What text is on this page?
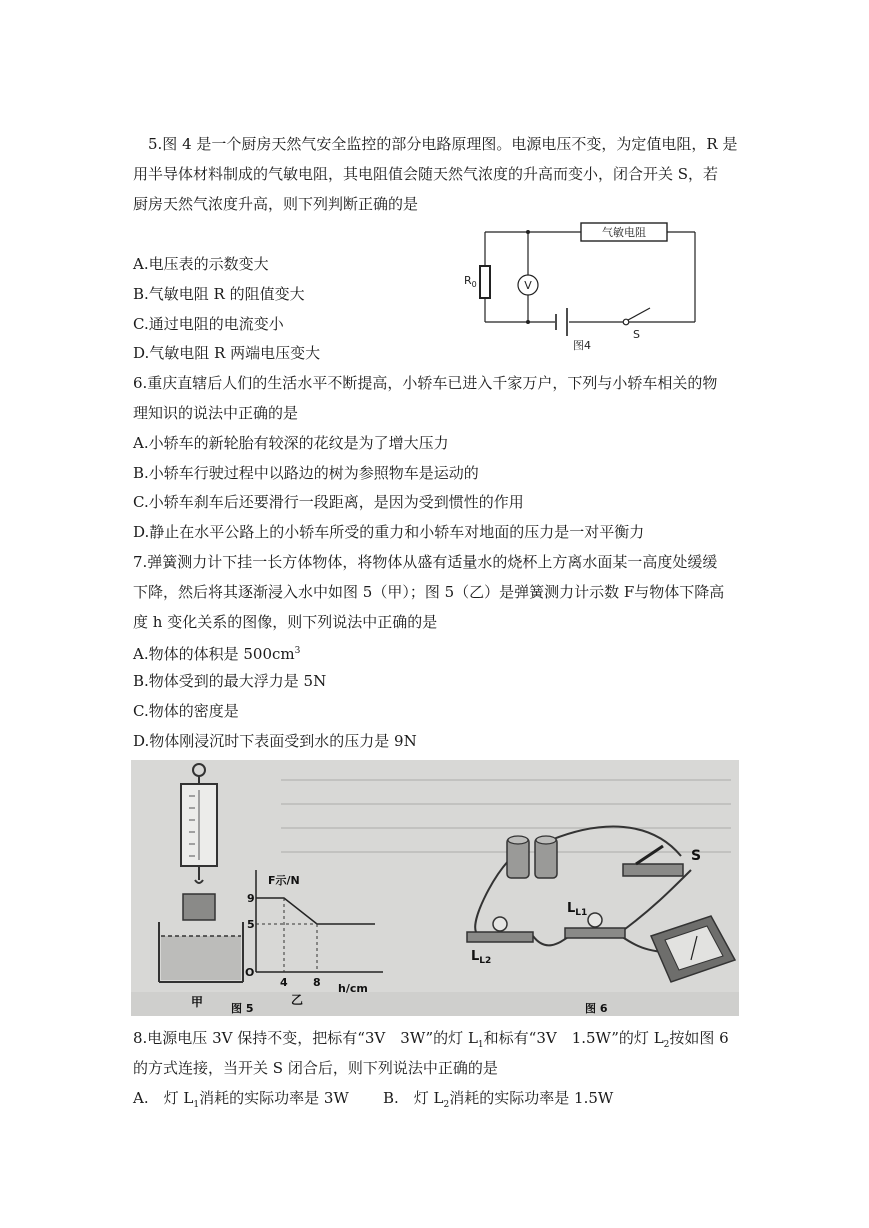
5.图 4 是一个厨房天然气安全监控的部分电路原理图。电源电压不变，为定值电阻，R 是
用半导体材料制成的气敏电阻，其电阻值会随天然气浓度的升高而变小，闭合开关 S，若
厨房天然气浓度升高，则下列判断正确的是
A.电压表的示数变大
B.气敏电阻 R 的阻值变大
C.通过电阻的电流变小
D.气敏电阻 R 两端电压变大
气敏电阻
$R_0$	V
S
图4
6.重庆直辖后人们的生活水平不断提高，小轿车已进入千家万户，下列与小轿车相关的物
理知识的说法中正确的是
A.小轿车的新轮胎有较深的花纹是为了增大压力
B.小轿车行驶过程中以路边的树为参照物车是运动的
C.小轿车刹车后还要滑行一段距离，是因为受到惯性的作用
D.静止在水平公路上的小轿车所受的重力和小轿车对地面的压力是一对平衡力
7.弹簧测力计下挂一长方体物体，将物体从盛有适量水的烧杯上方离水面某一高度处缓缓
下降，然后将其逐渐浸入水中如图 5（甲）；图 5（乙）是弹簧测力计示数 F与物体下降高
度 h 变化关系的图像，则下列说法中正确的是
A.物体的体积是 $500cm^3$
B.物体受到的最大浮力是 5N
C.物体的密度是
D.物体刚浸沉时下表面受到水的压力是 9N
甲	图 5
F示/N
9
5
O
4 8 h/cm
乙
S
$L_{L2}$
$L_{L1}$
图 6
8.电源电压 3V 保持不变，把标有“3V　3W”的灯 $L_1$和标有“3V　1.5W”的灯 $L_2$按如图 6
的方式连接，当开关 S 闭合后，则下列说法中正确的是
A.　灯 $L_1$消耗的实际功率是 3W B.　灯 $L_2$消耗的实际功率是 1.5W
